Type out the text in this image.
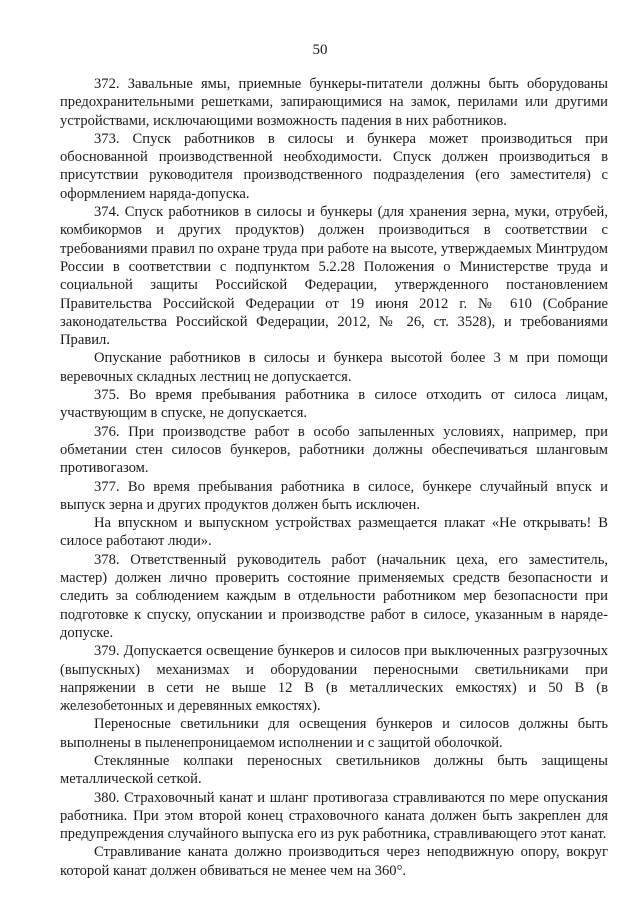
50

372. Завальные ямы, приемные бункеры-питатели должны быть оборудованы предохранительными решетками, запирающимися на замок, перилами или другими устройствами, исключающими возможность падения в них работников.

373. Спуск работников в силосы и бункера может производиться при обоснованной производственной необходимости. Спуск должен производиться в присутствии руководителя производственного подразделения (его заместителя) с оформлением наряда-допуска.

374. Спуск работников в силосы и бункеры (для хранения зерна, муки, отрубей, комбикормов и других продуктов) должен производиться в соответствии с требованиями правил по охране труда при работе на высоте, утверждаемых Минтрудом России в соответствии с подпунктом 5.2.28 Положения о Министерстве труда и социальной защиты Российской Федерации, утвержденного постановлением Правительства Российской Федерации от 19 июня 2012 г. № 610 (Собрание законодательства Российской Федерации, 2012, № 26, ст. 3528), и требованиями Правил.

Опускание работников в силосы и бункера высотой более 3 м при помощи веревочных складных лестниц не допускается.

375. Во время пребывания работника в силосе отходить от силоса лицам, участвующим в спуске, не допускается.

376. При производстве работ в особо запыленных условиях, например, при обметании стен силосов бункеров, работники должны обеспечиваться шланговым противогазом.

377. Во время пребывания работника в силосе, бункере случайный впуск и выпуск зерна и других продуктов должен быть исключен.

На впускном и выпускном устройствах размещается плакат «Не открывать! В силосе работают люди».

378. Ответственный руководитель работ (начальник цеха, его заместитель, мастер) должен лично проверить состояние применяемых средств безопасности и следить за соблюдением каждым в отдельности работником мер безопасности при подготовке к спуску, опускании и производстве работ в силосе, указанным в наряде-допуске.

379. Допускается освещение бункеров и силосов при выключенных разгрузочных (выпускных) механизмах и оборудовании переносными светильниками при напряжении в сети не выше 12 В (в металлических емкостях) и 50 В (в железобетонных и деревянных емкостях).

Переносные светильники для освещения бункеров и силосов должны быть выполнены в пыленепроницаемом исполнении и с защитой оболочкой.

Стеклянные колпаки переносных светильников должны быть защищены металлической сеткой.

380. Страховочный канат и шланг противогаза стравливаются по мере опускания работника. При этом второй конец страховочного каната должен быть закреплен для предупреждения случайного выпуска его из рук работника, стравливающего этот канат.

Стравливание каната должно производиться через неподвижную опору, вокруг которой канат должен обвиваться не менее чем на 360°.
